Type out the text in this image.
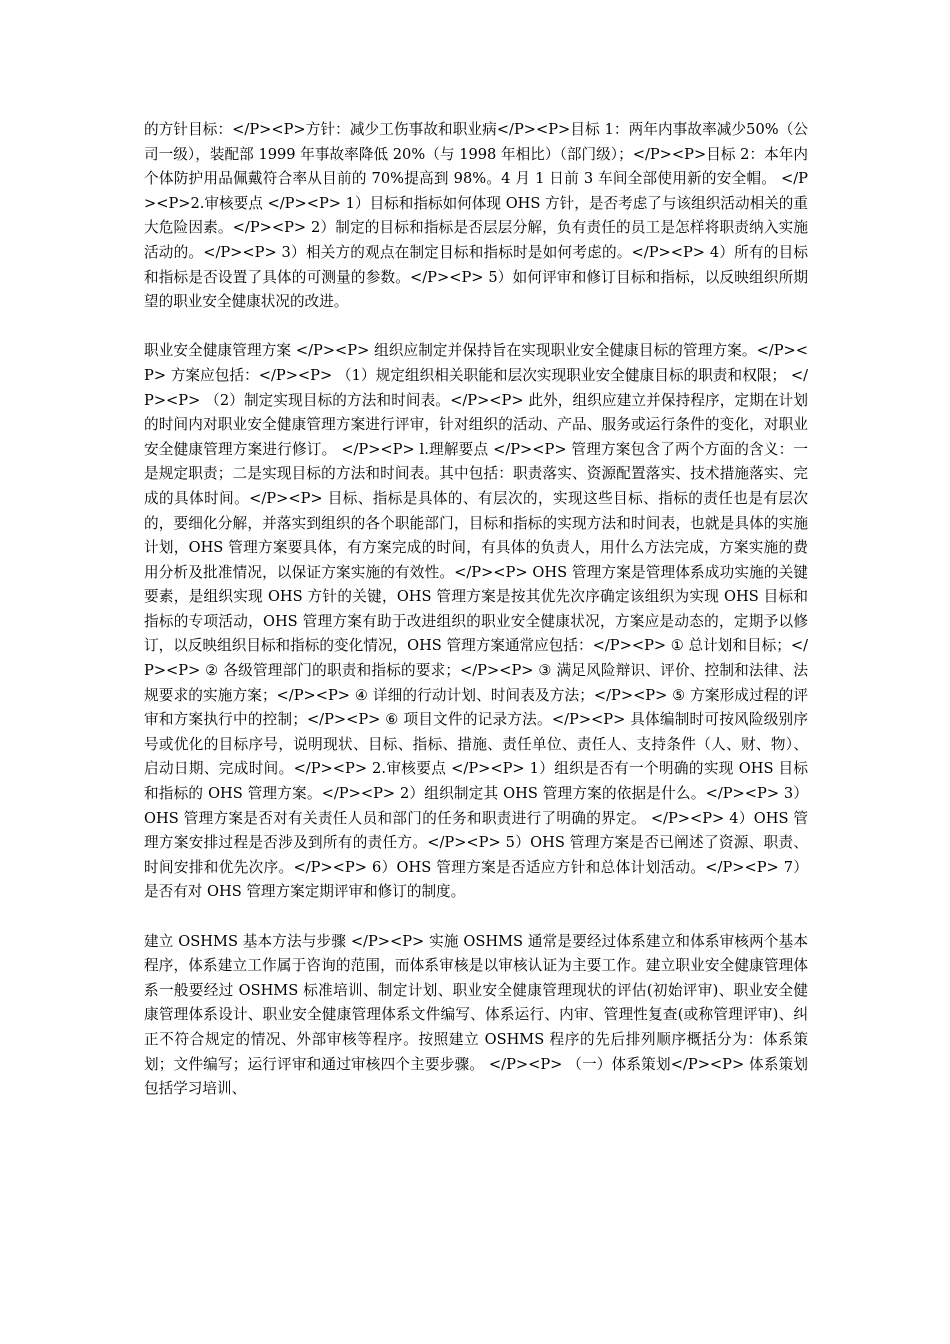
的方针目标：</P><P>方针：减少工伤事故和职业病</P><P>目标 1：两年内事故率减少50%（公司一级），装配部 1999 年事故率降低 20%（与 1998 年相比）（部门级）；</P><P>目标 2：本年内个体防护用品佩戴符合率从目前的 70%提高到 98%。4 月 1 日前 3 车间全部使用新的安全帽。 </P><P>2.审核要点 </P><P> 1）目标和指标如何体现 OHS 方针，是否考虑了与该组织活动相关的重大危险因素。</P><P> 2）制定的目标和指标是否层层分解，负有责任的员工是怎样将职责纳入实施活动的。</P><P> 3）相关方的观点在制定目标和指标时是如何考虑的。</P><P> 4）所有的目标和指标是否设置了具体的可测量的参数。</P><P> 5）如何评审和修订目标和指标，以反映组织所期望的职业安全健康状况的改进。

职业安全健康管理方案 </P><P> 组织应制定并保持旨在实现职业安全健康目标的管理方案。</P><P> 方案应包括：</P><P> （1）规定组织相关职能和层次实现职业安全健康目标的职责和权限； </P><P> （2）制定实现目标的方法和时间表。</P><P> 此外，组织应建立并保持程序，定期在计划的时间内对职业安全健康管理方案进行评审，针对组织的活动、产品、服务或运行条件的变化，对职业安全健康管理方案进行修订。 </P><P> l.理解要点 </P><P> 管理方案包含了两个方面的含义：一是规定职责；二是实现目标的方法和时间表。其中包括：职责落实、资源配置落实、技术措施落实、完成的具体时间。</P><P> 目标、指标是具体的、有层次的，实现这些目标、指标的责任也是有层次的，要细化分解，并落实到组织的各个职能部门，目标和指标的实现方法和时间表，也就是具体的实施计划，OHS 管理方案要具体，有方案完成的时间，有具体的负责人，用什么方法完成，方案实施的费用分析及批准情况，以保证方案实施的有效性。</P><P> OHS 管理方案是管理体系成功实施的关键要素，是组织实现 OHS 方针的关键，OHS 管理方案是按其优先次序确定该组织为实现 OHS 目标和指标的专项活动，OHS 管理方案有助于改进组织的职业安全健康状况，方案应是动态的，定期予以修订，以反映组织目标和指标的变化情况，OHS 管理方案通常应包括：</P><P> ① 总计划和目标；</P><P> ② 各级管理部门的职责和指标的要求；</P><P> ③ 满足风险辩识、评价、控制和法律、法规要求的实施方案；</P><P> ④ 详细的行动计划、时间表及方法；</P><P> ⑤ 方案形成过程的评审和方案执行中的控制；</P><P> ⑥ 项目文件的记录方法。</P><P> 具体编制时可按风险级别序号或优化的目标序号，说明现状、目标、指标、措施、责任单位、责任人、支持条件（人、财、物）、启动日期、完成时间。</P><P> 2.审核要点 </P><P> 1）组织是否有一个明确的实现 OHS 目标和指标的 OHS 管理方案。</P><P> 2）组织制定其 OHS 管理方案的依据是什么。</P><P> 3）OHS 管理方案是否对有关责任人员和部门的任务和职责进行了明确的界定。 </P><P> 4）OHS 管理方案安排过程是否涉及到所有的责任方。</P><P> 5）OHS 管理方案是否已阐述了资源、职责、时间安排和优先次序。</P><P> 6）OHS 管理方案是否适应方针和总体计划活动。</P><P> 7）是否有对 OHS 管理方案定期评审和修订的制度。

建立 OSHMS 基本方法与步骤 </P><P> 实施 OSHMS 通常是要经过体系建立和体系审核两个基本程序，体系建立工作属于咨询的范围，而体系审核是以审核认证为主要工作。建立职业安全健康管理体系一般要经过 OSHMS 标准培训、制定计划、职业安全健康管理现状的评估(初始评审)、职业安全健康管理体系设计、职业安全健康管理体系文件编写、体系运行、内审、管理性复查(或称管理评审)、纠正不符合规定的情况、外部审核等程序。按照建立 OSHMS 程序的先后排列顺序概括分为：体系策划；文件编写；运行评审和通过审核四个主要步骤。 </P><P> （一）体系策划</P><P> 体系策划包括学习培训、
